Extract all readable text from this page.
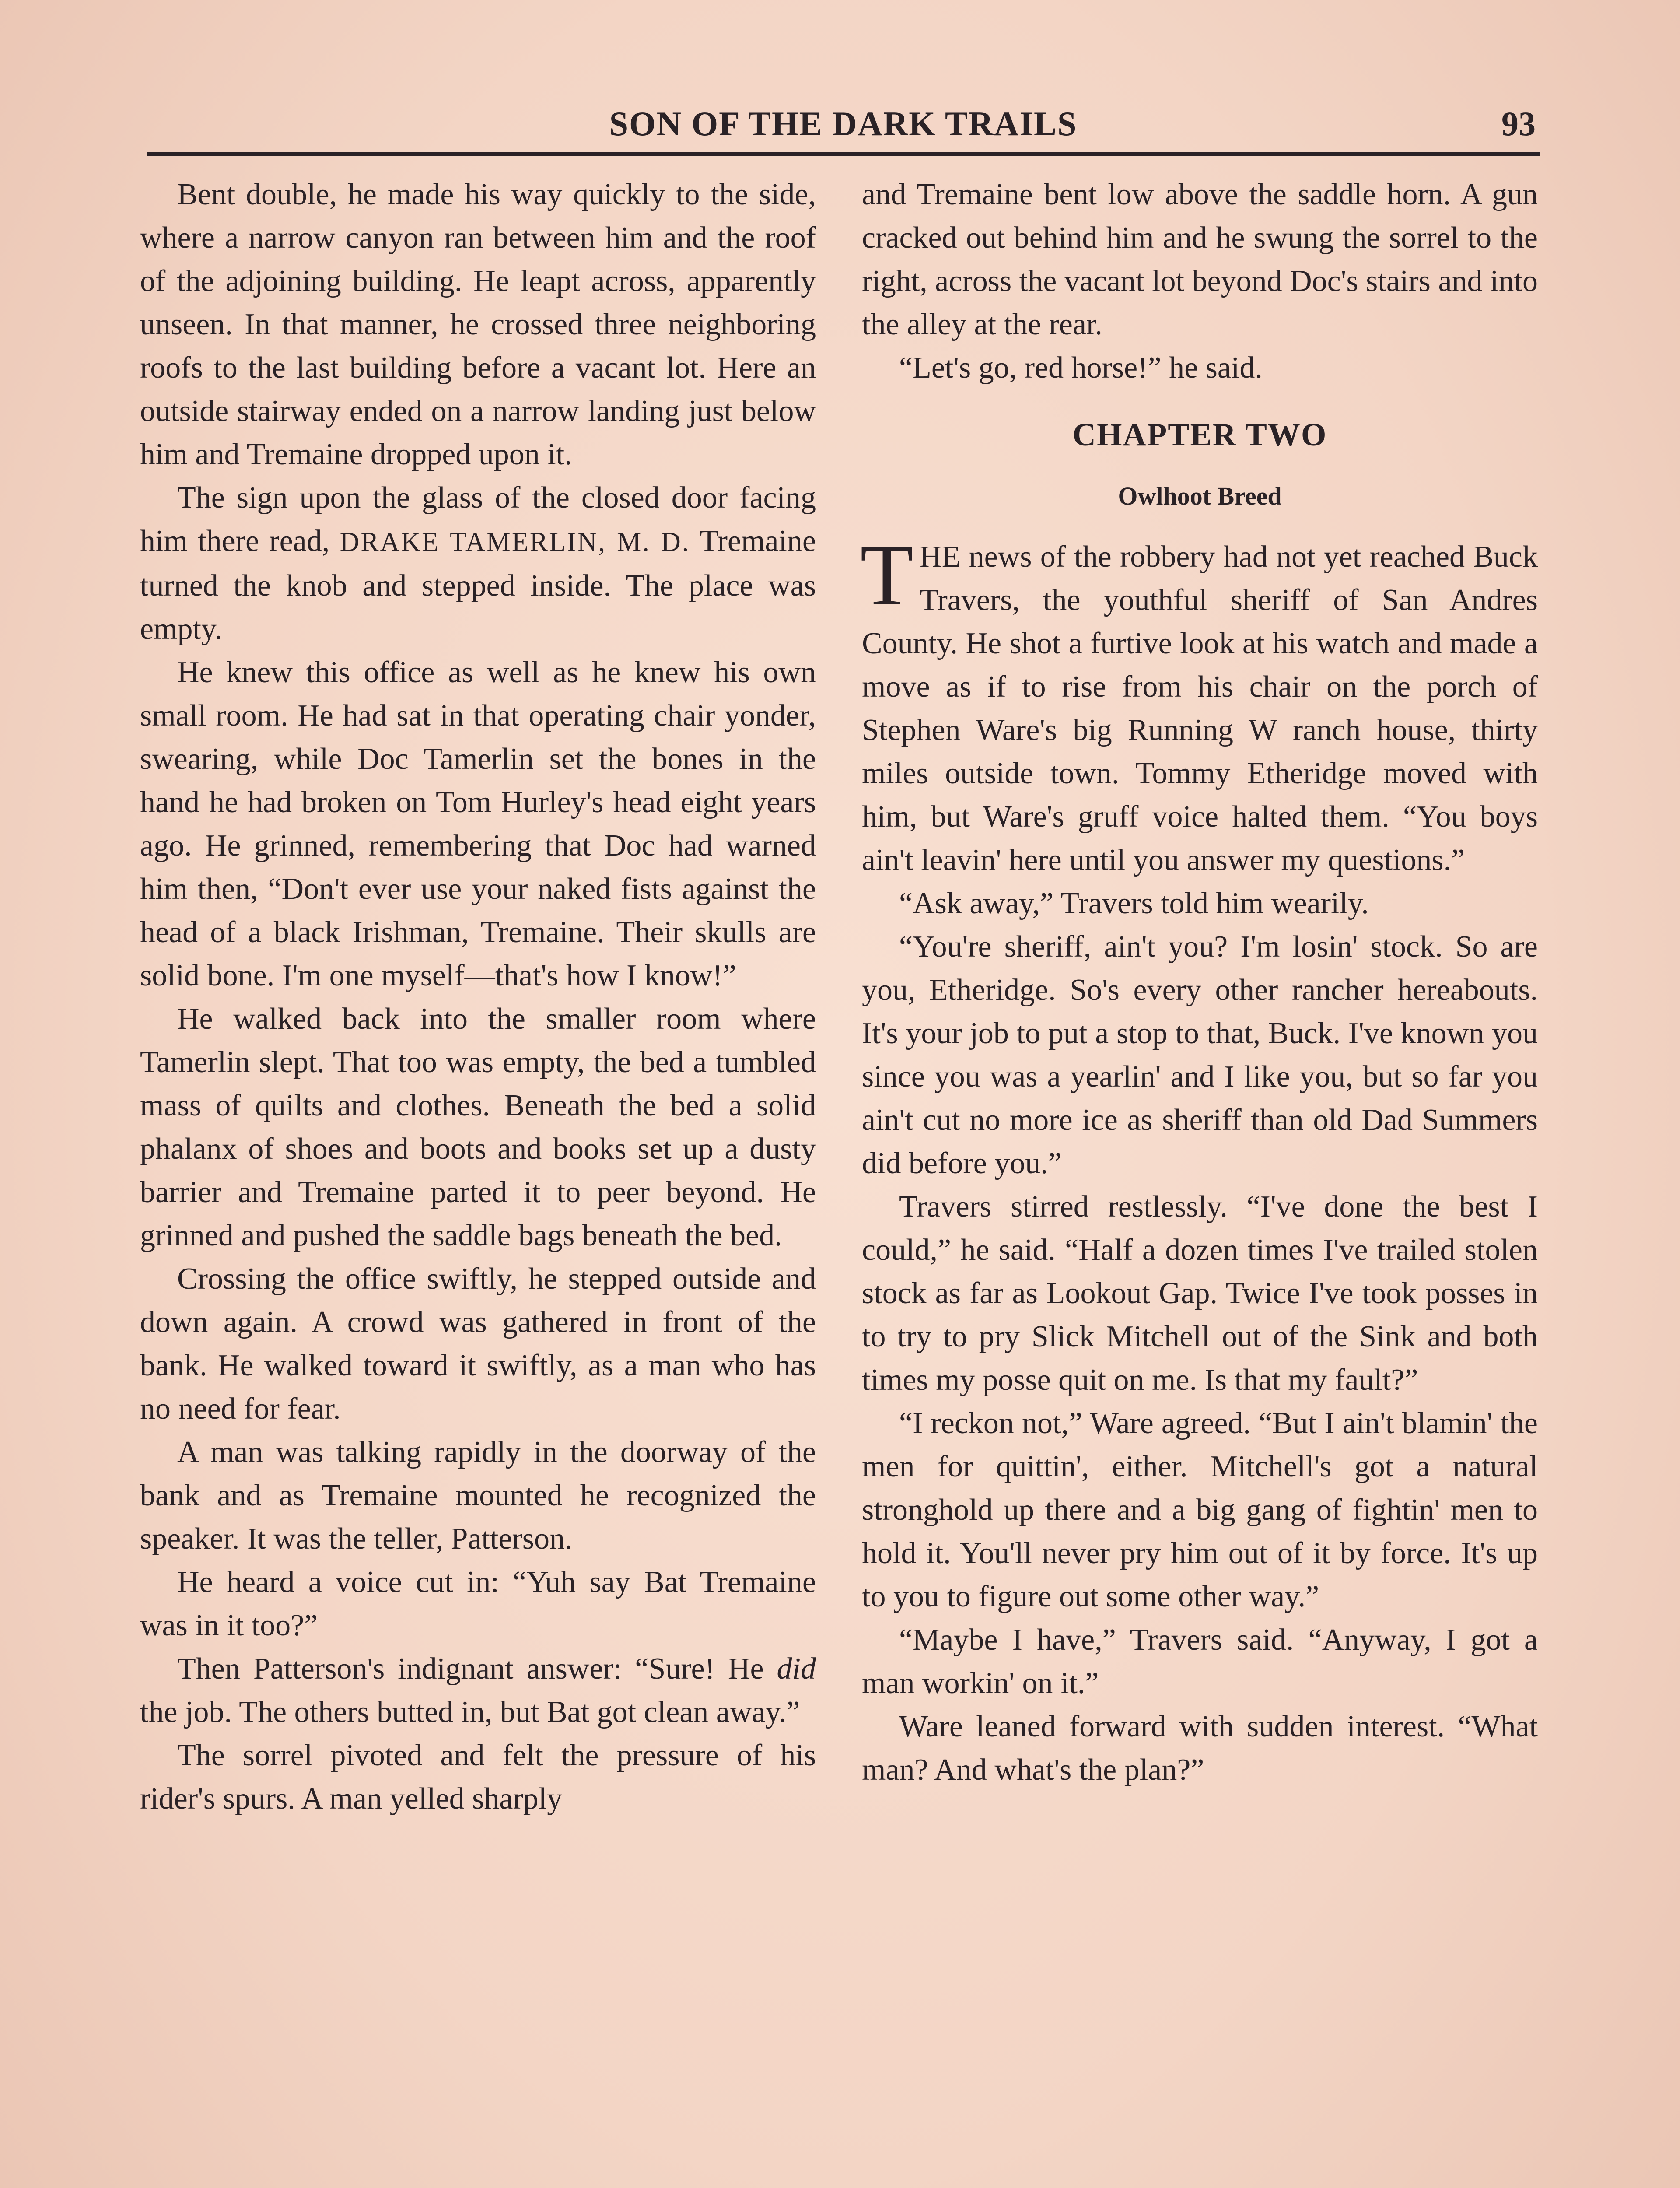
SON OF THE DARK TRAILS	93

Bent double, he made his way quickly to the side, where a narrow canyon ran between him and the roof of the adjoining building. He leapt across, apparently unseen. In that manner, he crossed three neighboring roofs to the last building before a vacant lot. Here an outside stairway ended on a narrow landing just below him and Tremaine dropped upon it.

The sign upon the glass of the closed door facing him there read, DRAKE TAMERLIN, M. D. Tremaine turned the knob and stepped inside. The place was empty.

He knew this office as well as he knew his own small room. He had sat in that operating chair yonder, swearing, while Doc Tamerlin set the bones in the hand he had broken on Tom Hurley's head eight years ago. He grinned, remembering that Doc had warned him then, “Don't ever use your naked fists against the head of a black Irishman, Tremaine. Their skulls are solid bone. I'm one myself—that's how I know!”

He walked back into the smaller room where Tamerlin slept. That too was empty, the bed a tumbled mass of quilts and clothes. Beneath the bed a solid phalanx of shoes and boots and books set up a dusty barrier and Tremaine parted it to peer beyond. He grinned and pushed the saddle bags beneath the bed.

Crossing the office swiftly, he stepped outside and down again. A crowd was gathered in front of the bank. He walked toward it swiftly, as a man who has no need for fear.

A man was talking rapidly in the doorway of the bank and as Tremaine mounted he recognized the speaker. It was the teller, Patterson.

He heard a voice cut in: “Yuh say Bat Tremaine was in it too?”

Then Patterson's indignant answer: “Sure! He did the job. The others butted in, but Bat got clean away.”

The sorrel pivoted and felt the pressure of his rider's spurs. A man yelled sharply

and Tremaine bent low above the saddle horn. A gun cracked out behind him and he swung the sorrel to the right, across the vacant lot beyond Doc's stairs and into the alley at the rear.

“Let's go, red horse!” he said.

CHAPTER TWO
Owlhoot Breed

THE news of the robbery had not yet reached Buck Travers, the youthful sheriff of San Andres County. He shot a furtive look at his watch and made a move as if to rise from his chair on the porch of Stephen Ware's big Running W ranch house, thirty miles outside town. Tommy Etheridge moved with him, but Ware's gruff voice halted them. “You boys ain't leavin' here until you answer my questions.”

“Ask away,” Travers told him wearily.

“You're sheriff, ain't you? I'm losin' stock. So are you, Etheridge. So's every other rancher hereabouts. It's your job to put a stop to that, Buck. I've known you since you was a yearlin' and I like you, but so far you ain't cut no more ice as sheriff than old Dad Summers did before you.”

Travers stirred restlessly. “I've done the best I could,” he said. “Half a dozen times I've trailed stolen stock as far as Lookout Gap. Twice I've took posses in to try to pry Slick Mitchell out of the Sink and both times my posse quit on me. Is that my fault?”

“I reckon not,” Ware agreed. “But I ain't blamin' the men for quittin', either. Mitchell's got a natural stronghold up there and a big gang of fightin' men to hold it. You'll never pry him out of it by force. It's up to you to figure out some other way.”

“Maybe I have,” Travers said. “Anyway, I got a man workin' on it.”

Ware leaned forward with sudden interest. “What man? And what's the plan?”
